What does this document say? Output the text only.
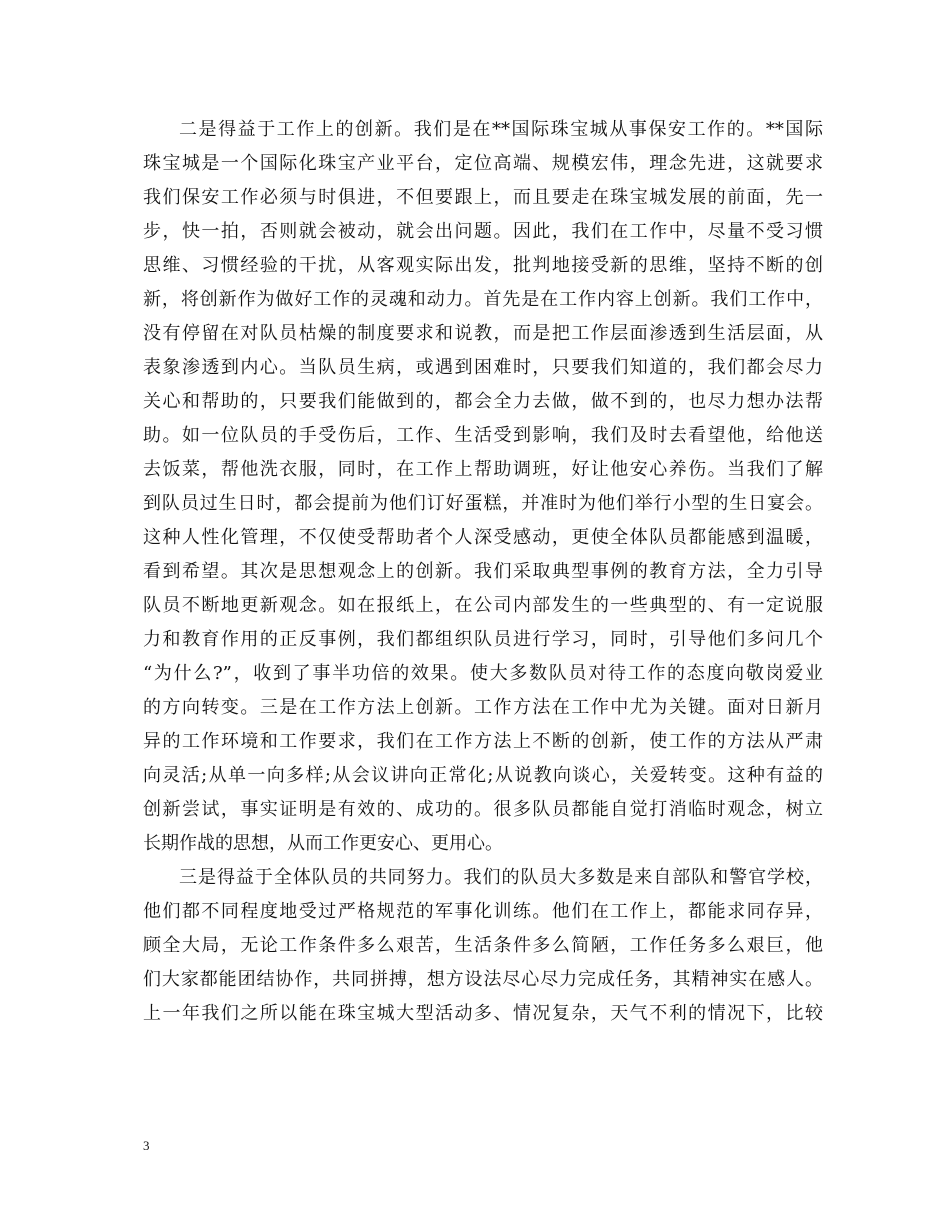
二是得益于工作上的创新。我们是在**国际珠宝城从事保安工作的。**国际
珠宝城是一个国际化珠宝产业平台，定位高端、规模宏伟，理念先进，这就要求
我们保安工作必须与时俱进，不但要跟上，而且要走在珠宝城发展的前面，先一
步，快一拍，否则就会被动，就会出问题。因此，我们在工作中，尽量不受习惯
思维、习惯经验的干扰，从客观实际出发，批判地接受新的思维，坚持不断的创
新，将创新作为做好工作的灵魂和动力。首先是在工作内容上创新。我们工作中，
没有停留在对队员枯燥的制度要求和说教，而是把工作层面渗透到生活层面，从
表象渗透到内心。当队员生病，或遇到困难时，只要我们知道的，我们都会尽力
关心和帮助的，只要我们能做到的，都会全力去做，做不到的，也尽力想办法帮
助。如一位队员的手受伤后，工作、生活受到影响，我们及时去看望他，给他送
去饭菜，帮他洗衣服，同时，在工作上帮助调班，好让他安心养伤。当我们了解
到队员过生日时，都会提前为他们订好蛋糕，并准时为他们举行小型的生日宴会。
这种人性化管理，不仅使受帮助者个人深受感动，更使全体队员都能感到温暖，
看到希望。其次是思想观念上的创新。我们采取典型事例的教育方法，全力引导
队员不断地更新观念。如在报纸上，在公司内部发生的一些典型的、有一定说服
力和教育作用的正反事例，我们都组织队员进行学习，同时，引导他们多问几个
“为什么?”，收到了事半功倍的效果。使大多数队员对待工作的态度向敬岗爱业
的方向转变。三是在工作方法上创新。工作方法在工作中尤为关键。面对日新月
异的工作环境和工作要求，我们在工作方法上不断的创新，使工作的方法从严肃
向灵活;从单一向多样;从会议讲向正常化;从说教向谈心，关爱转变。这种有益的
创新尝试，事实证明是有效的、成功的。很多队员都能自觉打消临时观念，树立
长期作战的思想，从而工作更安心、更用心。
三是得益于全体队员的共同努力。我们的队员大多数是来自部队和警官学校，
他们都不同程度地受过严格规范的军事化训练。他们在工作上，都能求同存异，
顾全大局，无论工作条件多么艰苦，生活条件多么简陋，工作任务多么艰巨，他
们大家都能团结协作，共同拼搏，想方设法尽心尽力完成任务，其精神实在感人。
上一年我们之所以能在珠宝城大型活动多、情况复杂，天气不利的情况下，比较
3
